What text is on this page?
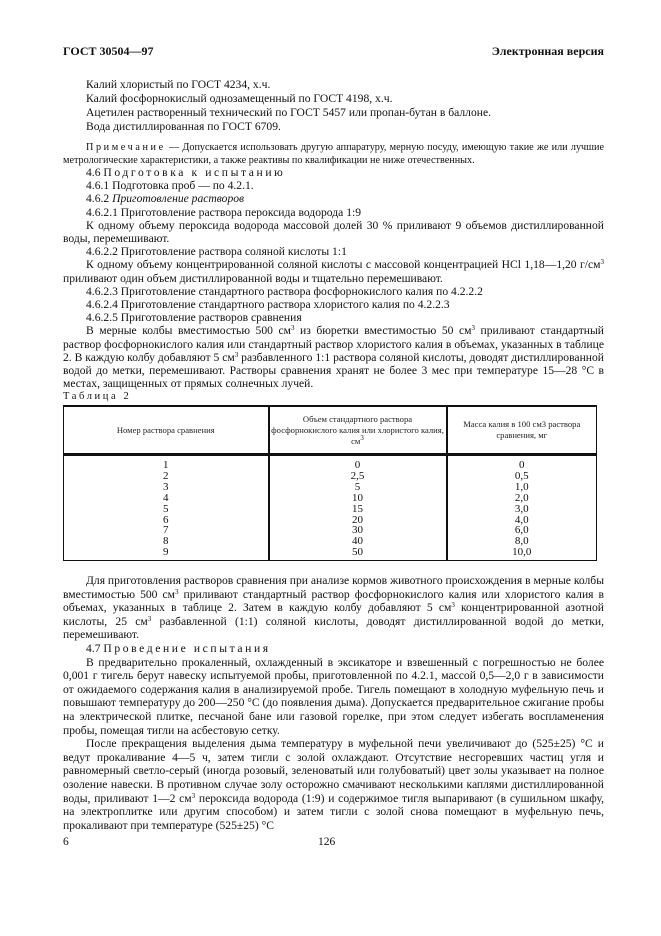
ГОСТ 30504—97	Электронная версия

Калий хлористый по ГОСТ 4234, х.ч.

Калий фосфорнокислый однозамещенный по ГОСТ 4198, х.ч.

Ацетилен растворенный технический по ГОСТ 5457 или пропан-бутан в баллоне.

Вода дистиллированная по ГОСТ 6709.

Примечание — Допускается использовать другую аппаратуру, мерную посуду, имеющую такие же или лучшие метрологические характеристики, а также реактивы по квалификации не ниже отечественных.

4.6 Подготовка к испытанию

4.6.1 Подготовка проб — по 4.2.1.

4.6.2 Приготовление растворов

4.6.2.1 Приготовление раствора пероксида водорода 1:9

К одному объему пероксида водорода массовой долей 30 % приливают 9 объемов дистиллированной воды, перемешивают.

4.6.2.2 Приготовление раствора соляной кислоты 1:1

К одному объему концентрированной соляной кислоты с массовой концентрацией HCl 1,18—1,20 $г/см^3$ приливают один объем дистиллированной воды и тщательно перемешивают.

4.6.2.3 Приготовление стандартного раствора фосфорнокислого калия по 4.2.2.2

4.6.2.4 Приготовление стандартного раствора хлористого калия по 4.2.2.3

4.6.2.5 Приготовление растворов сравнения

В мерные колбы вместимостью 500 $см^3$ из бюретки вместимостью 50 $см^3$ приливают стандартный раствор фосфорнокислого калия или стандартный раствор хлористого калия в объемах, указанных в таблице 2. В каждую колбу добавляют 5 $см^3$ разбавленного 1:1 раствора соляной кислоты, доводят дистиллированной водой до метки, перемешивают. Растворы сравнения хранят не более 3 мес при температуре 15—28 °С в местах, защищенных от прямых солнечных лучей.

Таблица 2

Номер раствора сравнения	Объем стандартного раствора фосфорнокислого калия или хлористого калия, $см^3$	Масса калия в 100 см3 раствора сравнения, мг
1	0	0
2	2,5	0,5
3	5	1,0
4	10	2,0
5	15	3,0
6	20	4,0
7	30	6,0
8	40	8,0
9	50	10,0

Для приготовления растворов сравнения при анализе кормов животного происхождения в мерные колбы вместимостью 500 $см^3$ приливают стандартный раствор фосфорнокислого калия или хлористого калия в объемах, указанных в таблице 2. Затем в каждую колбу добавляют 5 $см^3$ концентрированной азотной кислоты, 25 $см^3$ разбавленной (1:1) соляной кислоты, доводят дистиллированной водой до метки, перемешивают.

4.7 Проведение испытания

В предварительно прокаленный, охлажденный в эксикаторе и взвешенный с погрешностью не более 0,001 г тигель берут навеску испытуемой пробы, приготовленной по 4.2.1, массой 0,5—2,0 г в зависимости от ожидаемого содержания калия в анализируемой пробе. Тигель помещают в холодную муфельную печь и повышают температуру до 200—250 °С (до появления дыма). Допускается предварительное сжигание пробы на электрической плитке, песчаной бане или газовой горелке, при этом следует избегать воспламенения пробы, помещая тигли на асбестовую сетку.

После прекращения выделения дыма температуру в муфельной печи увеличивают до (525±25) °С и ведут прокаливание 4—5 ч, затем тигли с золой охлаждают. Отсутствие несгоревших частиц угля и равномерный светло-серый (иногда розовый, зеленоватый или голубоватый) цвет золы указывает на полное озоление навески. В противном случае золу осторожно смачивают несколькими каплями дистиллированной воды, приливают 1—2 $см^3$ пероксида водорода (1:9) и содержимое тигля выпаривают (в сушильном шкафу, на электроплитке или другим способом) и затем тигли с золой снова помещают в муфельную печь, прокаливают при температуре (525±25) °С

6	126
